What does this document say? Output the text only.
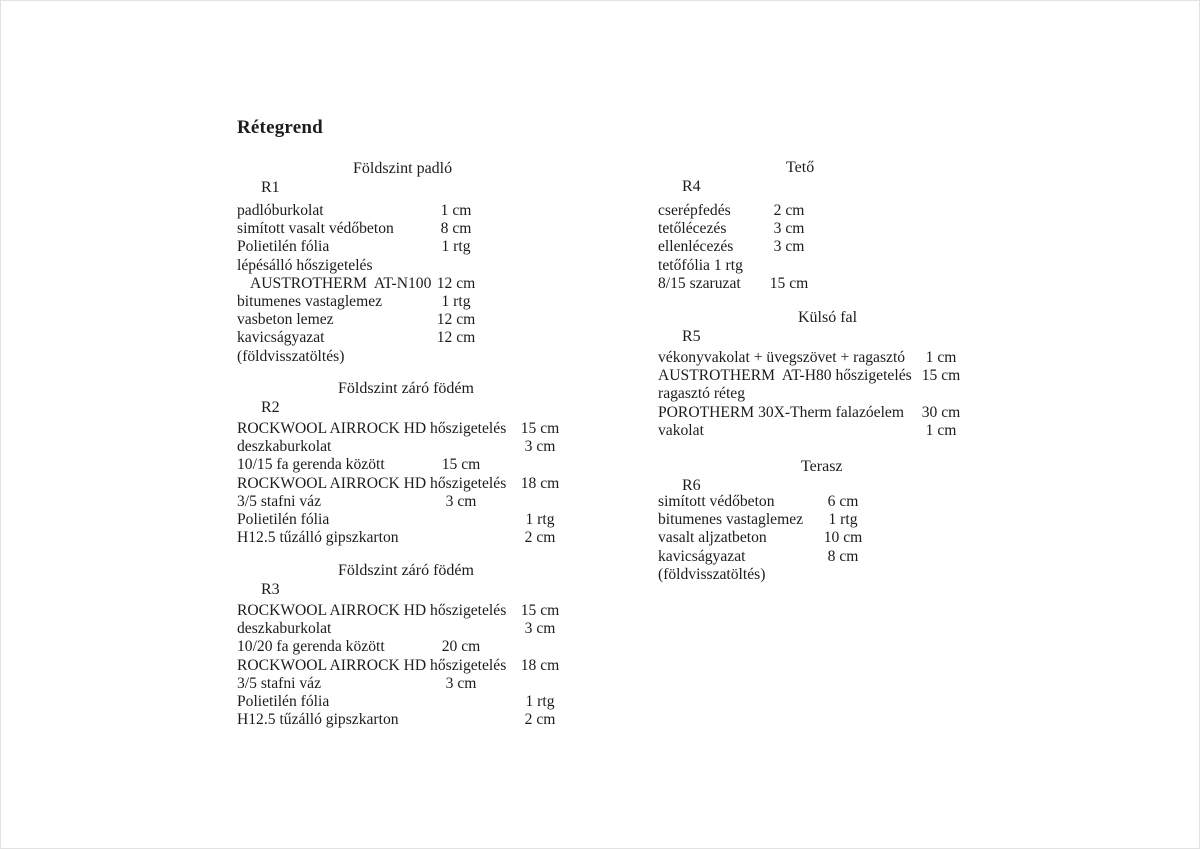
Rétegrend

R1

Földszint padló

padlóburkolat	1 cm
simított vasalt védőbeton	8 cm
Polietilén fólia	1 rtg
lépésálló hőszigetelés
AUSTROTHERM  AT-N100 12 cm
bitumenes vastaglemez	1 rtg
vasbeton lemez	12 cm
kavicságyazat	12 cm
(földvisszatöltés)

R2

Földszint záró födém

ROCKWOOL AIRROCK HD hőszigetelés 15 cm
deszkaburkolat	3 cm
10/15 fa gerenda között	15 cm
ROCKWOOL AIRROCK HD hőszigetelés 18 cm
3/5 stafni váz	3 cm
Polietilén fólia	1 rtg
H12.5 tűzálló gipszkarton	2 cm

R3

Földszint záró födém

ROCKWOOL AIRROCK HD hőszigetelés 15 cm
deszkaburkolat	3 cm
10/20 fa gerenda között	20 cm
ROCKWOOL AIRROCK HD hőszigetelés 18 cm
3/5 stafni váz	3 cm
Polietilén fólia	1 rtg
H12.5 tűzálló gipszkarton	2 cm

R4

Tető

cserépfedés	2 cm
tetőlécezés	3 cm
ellenlécezés	3 cm
tetőfólia 1 rtg
8/15 szaruzat	15 cm

R5

Külsó fal

vékonyvakolat + üvegszövet + ragasztó	1 cm
AUSTROTHERM  AT-H80 hőszigetelés 15 cm
ragasztó réteg
POROTHERM 30X-Therm falazóelem	30 cm
vakolat	1 cm

R6

Terasz

simított védőbeton	6 cm
bitumenes vastaglemez	1 rtg
vasalt aljzatbeton	10 cm
kavicságyazat	8 cm
(földvisszatöltés)
